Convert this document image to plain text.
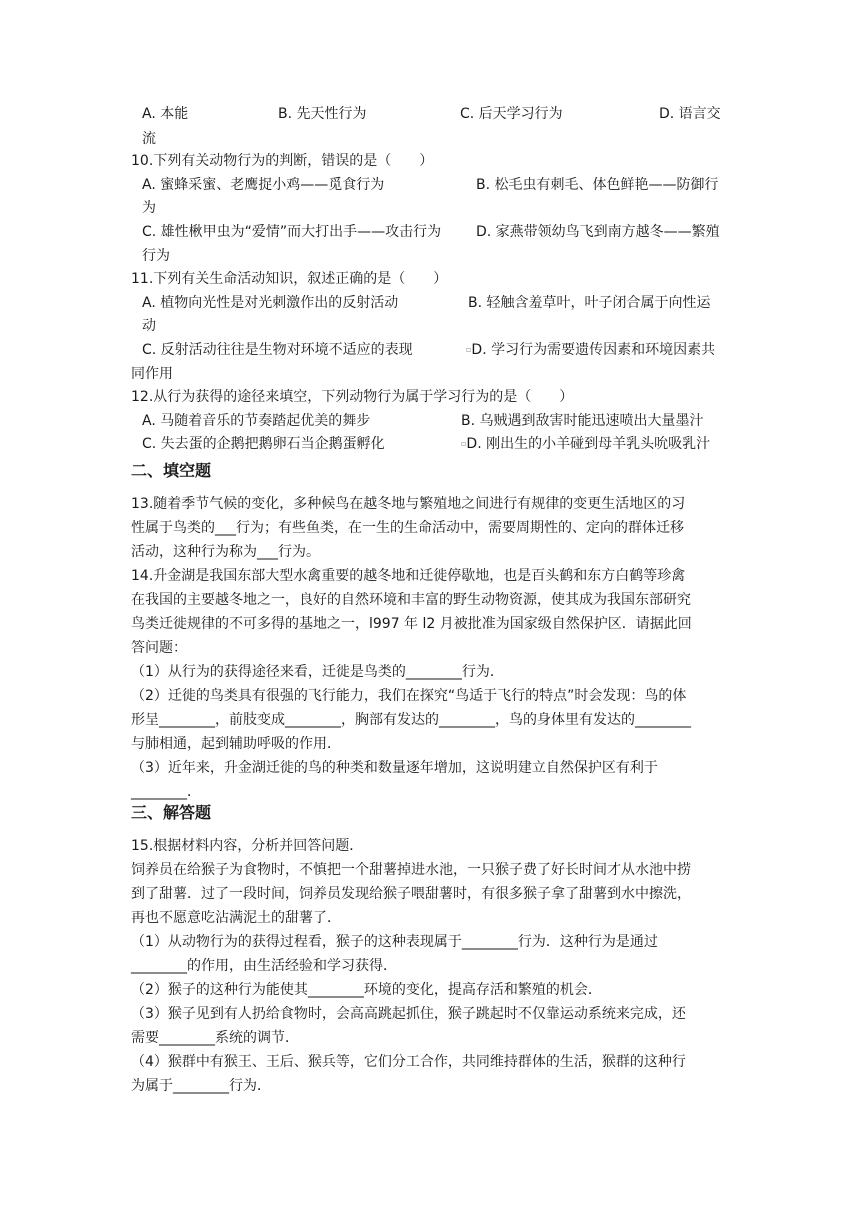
A. 本能	B. 先天性行为	C. 后天学习行为	D. 语言交
流
10.下列有关动物行为的判断，错误的是（　　）
A. 蜜蜂采蜜、老鹰捉小鸡——觅食行为	B. 松毛虫有刺毛、体色鲜艳——防御行
为
C. 雄性楸甲虫为“爱情”而大打出手——攻击行为 D. 家燕带领幼鸟飞到南方越冬——繁殖
行为
11.下列有关生命活动知识，叙述正确的是（　　）
A. 植物向光性是对光刺激作出的反射活动	B. 轻触含羞草叶，叶子闭合属于向性运
动
C. 反射活动往往是生物对环境不适应的表现	▫D. 学习行为需要遗传因素和环境因素共
同作用
12.从行为获得的途径来填空，下列动物行为属于学习行为的是（　　）
A. 马随着音乐的节奏踏起优美的舞步	B. 乌贼遇到敌害时能迅速喷出大量墨汁
C. 失去蛋的企鹅把鹅卵石当企鹅蛋孵化	▫D. 刚出生的小羊碰到母羊乳头吮吸乳汁
二、填空题
13.随着季节气候的变化，多种候鸟在越冬地与繁殖地之间进行有规律的变更生活地区的习
性属于鸟类的___行为；有些鱼类，在一生的生命活动中，需要周期性的、定向的群体迁移
活动，这种行为称为___行为。
14.升金湖是我国东部大型水禽重要的越冬地和迁徙停歇地，也是百头鹤和东方白鹤等珍禽
在我国的主要越冬地之一，良好的自然环境和丰富的野生动物资源，使其成为我国东部研究
鸟类迁徙规律的不可多得的基地之一，l997 年 l2 月被批准为国家级自然保护区．请据此回
答问题：
（1）从行为的获得途径来看，迁徙是鸟类的________行为．
（2）迁徙的鸟类具有很强的飞行能力，我们在探究“鸟适于飞行的特点”时会发现：鸟的体
形呈________，前肢变成________，胸部有发达的________，鸟的身体里有发达的________
与肺相通，起到辅助呼吸的作用．
（3）近年来，升金湖迁徙的鸟的种类和数量逐年增加，这说明建立自然保护区有利于
________．
三、解答题
15.根据材料内容，分析并回答问题．
饲养员在给猴子为食物时，不慎把一个甜薯掉进水池，一只猴子费了好长时间才从水池中捞
到了甜薯．过了一段时间，饲养员发现给猴子喂甜薯时，有很多猴子拿了甜薯到水中擦洗，
再也不愿意吃沾满泥土的甜薯了．
（1）从动物行为的获得过程看，猴子的这种表现属于________行为．这种行为是通过
________的作用，由生活经验和学习获得．
（2）猴子的这种行为能使其________环境的变化，提高存活和繁殖的机会．
（3）猴子见到有人扔给食物时，会高高跳起抓住，猴子跳起时不仅靠运动系统来完成，还
需要________系统的调节．
（4）猴群中有猴王、王后、猴兵等，它们分工合作，共同维持群体的生活，猴群的这种行
为属于________行为．
